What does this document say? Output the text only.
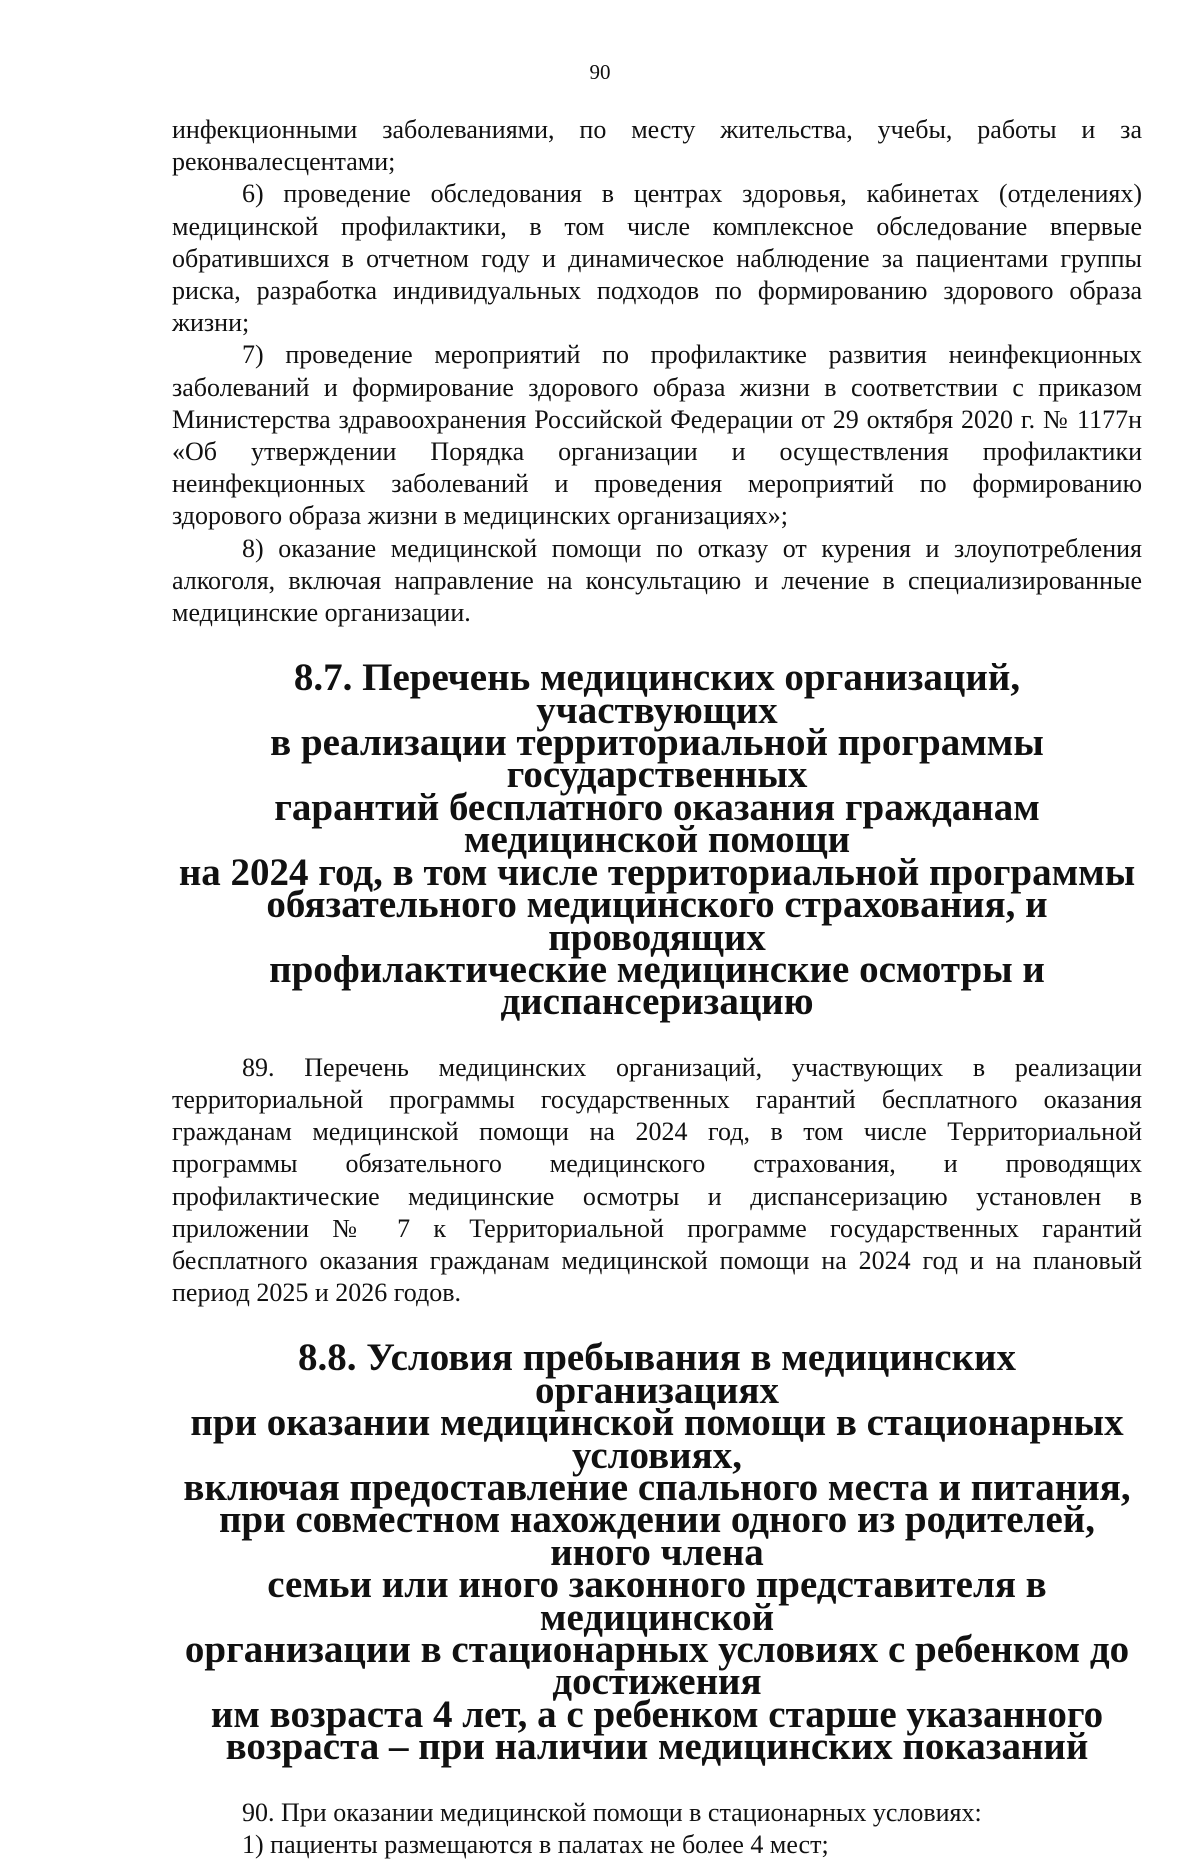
90

инфекционными заболеваниями, по месту жительства, учебы, работы и за реконвалесцентами;

6) проведение обследования в центрах здоровья, кабинетах (отделениях) медицинской профилактики, в том числе комплексное обследование впервые обратившихся в отчетном году и динамическое наблюдение за пациентами группы риска, разработка индивидуальных подходов по формированию здорового образа жизни;

7) проведение мероприятий по профилактике развития неинфекционных заболеваний и формирование здорового образа жизни в соответствии с приказом Министерства здравоохранения Российской Федерации от 29 октября 2020 г. № 1177н «Об утверждении Порядка организации и осуществления профилактики неинфекционных заболеваний и проведения мероприятий по формированию здорового образа жизни в медицинских организациях»;

8) оказание медицинской помощи по отказу от курения и злоупотребления алкоголя, включая направление на консультацию и лечение в специализированные медицинские организации.

8.7. Перечень медицинских организаций, участвующих
в реализации территориальной программы государственных
гарантий бесплатного оказания гражданам медицинской помощи
на 2024 год, в том числе территориальной программы
обязательного медицинского страхования, и проводящих
профилактические медицинские осмотры и диспансеризацию

89. Перечень медицинских организаций, участвующих в реализации территориальной программы государственных гарантий бесплатного оказания гражданам медицинской помощи на 2024 год, в том числе Территориальной программы обязательного медицинского страхования, и проводящих профилактические медицинские осмотры и диспансеризацию установлен в приложении № 7 к Территориальной программе государственных гарантий бесплатного оказания гражданам медицинской помощи на 2024 год и на плановый период 2025 и 2026 годов.

8.8. Условия пребывания в медицинских организациях
при оказании медицинской помощи в стационарных условиях,
включая предоставление спального места и питания,
при совместном нахождении одного из родителей, иного члена
семьи или иного законного представителя в медицинской
организации в стационарных условиях с ребенком до достижения
им возраста 4 лет, а с ребенком старше указанного
возраста – при наличии медицинских показаний

90. При оказании медицинской помощи в стационарных условиях:

1) пациенты размещаются в палатах не более 4 мест;
